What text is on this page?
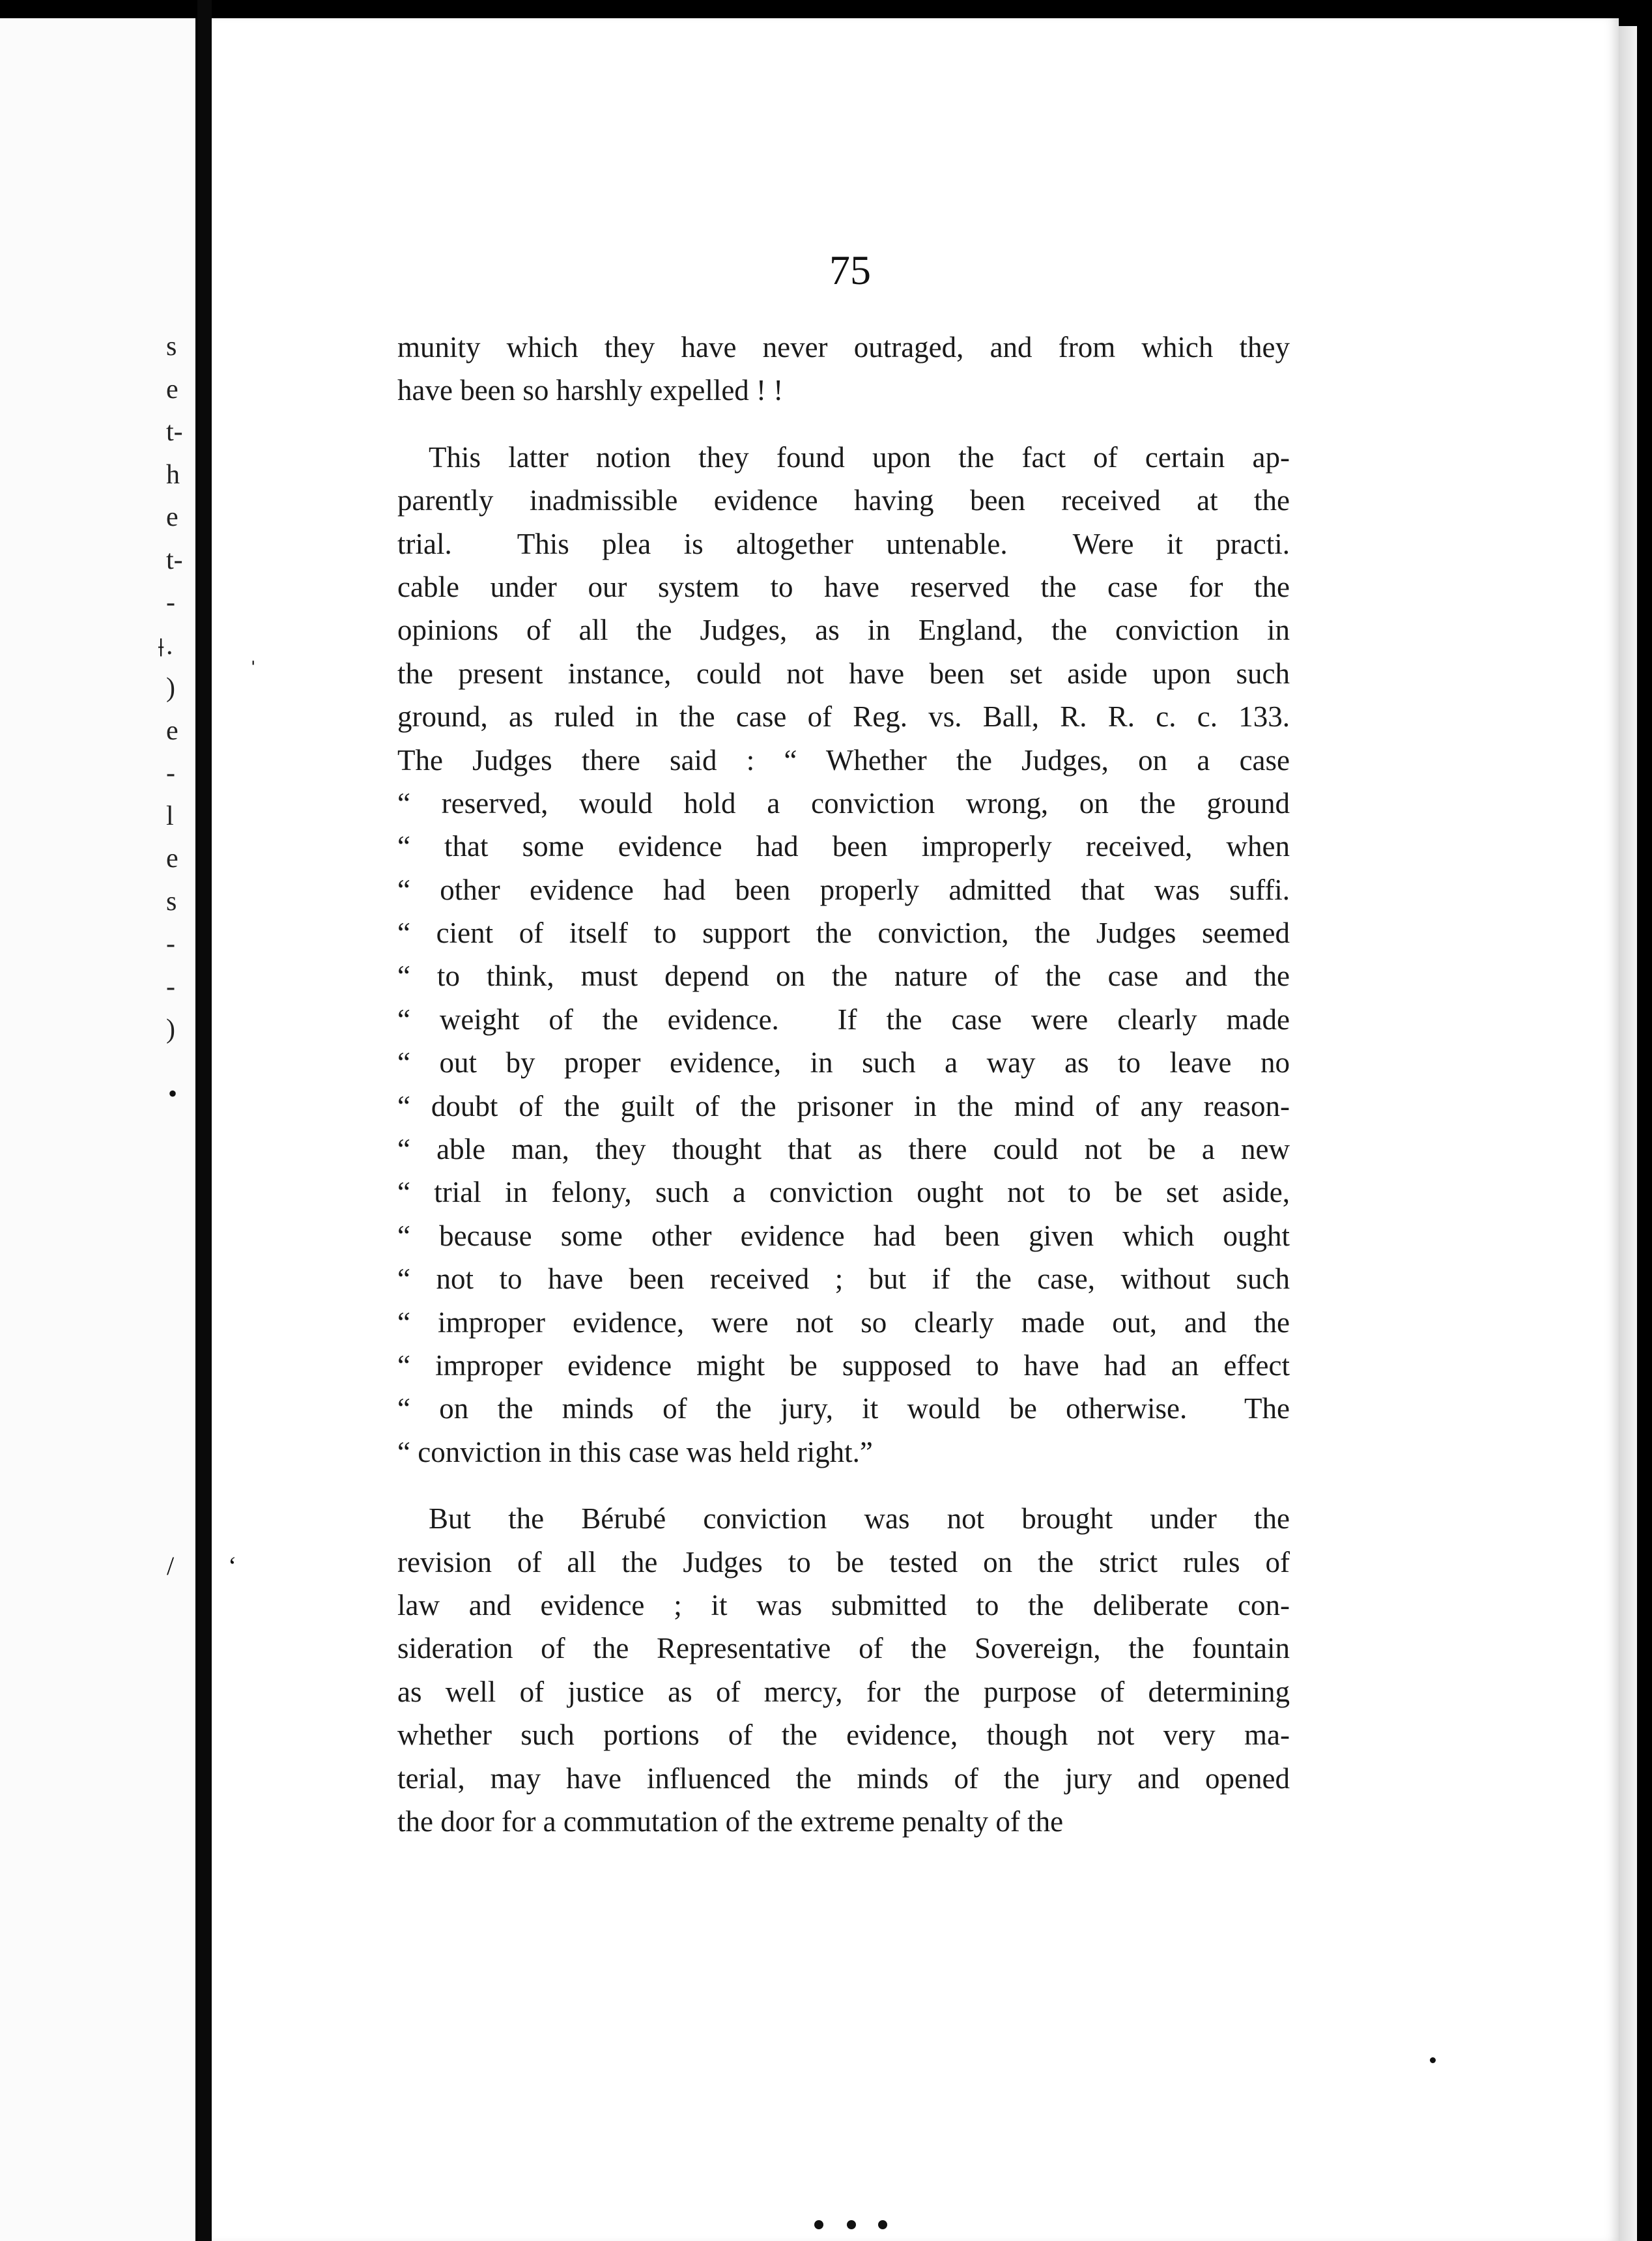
s
e
t-
h
e
t-
-
.
)
e
-
l
e
s
-
-
)
75
munity which they have never outraged, and from which they
have been so harshly expelled ! !
This latter notion they found upon the fact of certain ap-
parently inadmissible evidence having been received at the
trial.  This plea is altogether untenable.  Were it practi.
cable under our system to have reserved the case for the
opinions of all the Judges, as in England, the conviction in
the present instance, could not have been set aside upon such
ground, as ruled in the case of Reg. vs. Ball, R. R. c. c. 133.
The Judges there said : “ Whether the Judges, on a case
“ reserved, would hold a conviction wrong, on the ground
“ that some evidence had been improperly received, when
“ other evidence had been properly admitted that was suffi.
“ cient of itself to support the conviction, the Judges seemed
“ to think, must depend on the nature of the case and the
“ weight of the evidence.  If the case were clearly made
“ out by proper evidence, in such a way as to leave no
“ doubt of the guilt of the prisoner in the mind of any reason-
“ able man, they thought that as there could not be a new
“ trial in felony, such a conviction ought not to be set aside,
“ because some other evidence had been given which ought
“ not to have been received ; but if the case, without such
“ improper evidence, were not so clearly made out, and the
“ improper evidence might be supposed to have had an effect
“ on the minds of the jury, it would be otherwise.  The
“ conviction in this case was held right.”
But the Bérubé conviction was not brought under the
revision of all the Judges to be tested on the strict rules of
law and evidence ; it was submitted to the deliberate con-
sideration of the Representative of the Sovereign, the fountain
as well of justice as of mercy, for the purpose of determining
whether such portions of the evidence, though not very ma-
terial, may have influenced the minds of the jury and opened
the door for a commutation of the extreme penalty of the
⟊	ˌ
•
/ ‘
